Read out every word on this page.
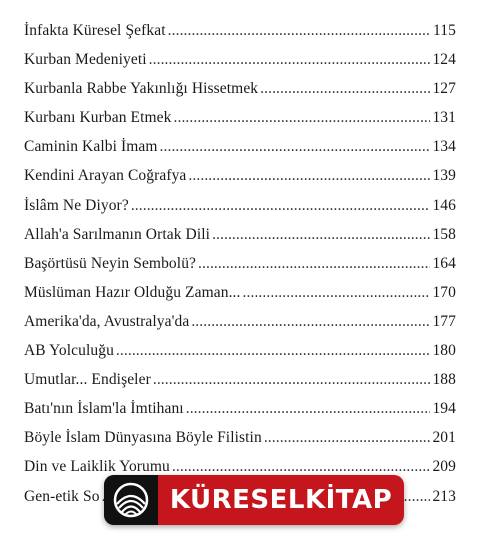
İnfakta Küresel Şefkat .....	115
Kurban Medeniyeti .....	124
Kurbanla Rabbe Yakınlığı Hissetmek .....	127
Kurbanı Kurban Etmek .....	131
Caminin Kalbi İmam .....	134
Kendini Arayan Coğrafya .....	139
İslâm Ne Diyor? .....	146
Allah'a Sarılmanın Ortak Dili .....	158
Başörtüsü Neyin Sembolü? .....	164
Müslüman Hazır Olduğu Zaman... .....	170
Amerika'da, Avustralya'da .....	177
AB Yolculuğu .....	180
Umutlar... Endişeler .....	188
Batı'nın İslam'la İmtihanı .....	194
Böyle İslam Dünyasına Böyle Filistin .....	201
Din ve Laiklik Yorumu .....	209
Gen-etik So .....	213
KÜRESELKİTAP
